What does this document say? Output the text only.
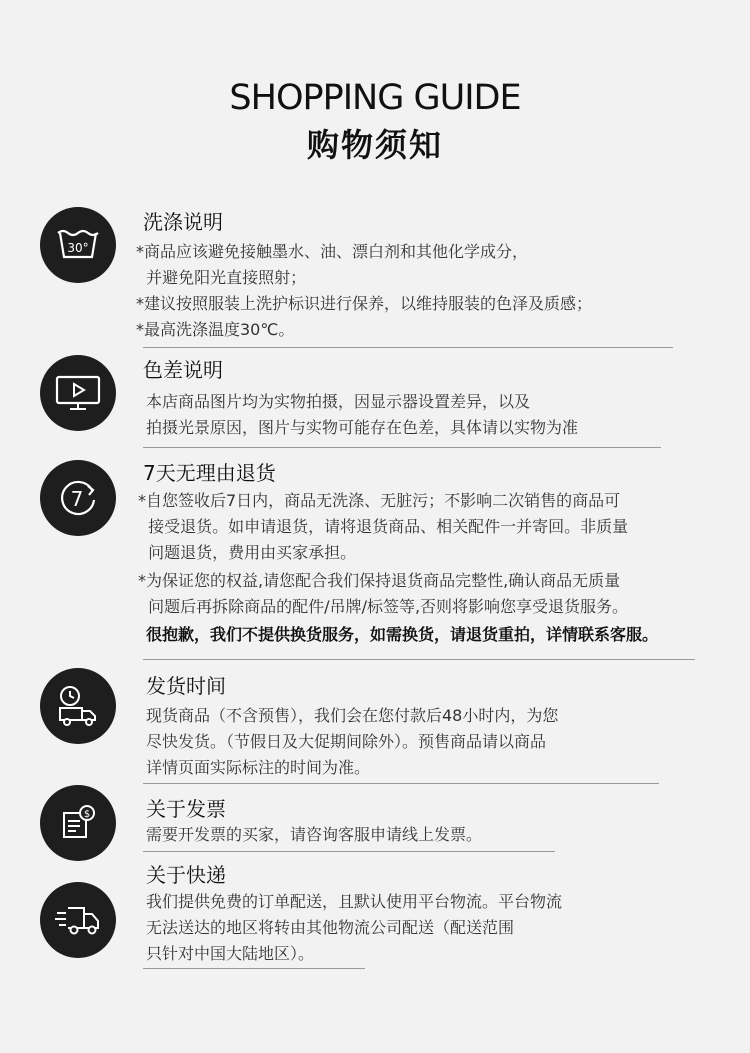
SHOPPING GUIDE
购物须知
30°
洗涤说明
*商品应该避免接触墨水、油、漂白剂和其他化学成分，
并避免阳光直接照射；
*建议按照服装上洗护标识进行保养，以维持服装的色泽及质感；
*最高洗涤温度30℃。
色差说明
本店商品图片均为实物拍摄，因显示器设置差异，以及
拍摄光景原因，图片与实物可能存在色差，具体请以实物为准
7
7天无理由退货
*自您签收后7日内，商品无洗涤、无脏污；不影响二次销售的商品可
接受退货。如申请退货，请将退货商品、相关配件一并寄回。非质量
问题退货，费用由买家承担。
*为保证您的权益,请您配合我们保持退货商品完整性,确认商品无质量
问题后再拆除商品的配件/吊牌/标签等,否则将影响您享受退货服务。
很抱歉，我们不提供换货服务，如需换货，请退货重拍，详情联系客服。
发货时间
现货商品（不含预售），我们会在您付款后48小时内，为您
尽快发货。（节假日及大促期间除外）。预售商品请以商品
详情页面实际标注的时间为准。
$	关于发票
需要开发票的买家，请咨询客服申请线上发票。
关于快递
我们提供免费的订单配送，且默认使用平台物流。平台物流
无法送达的地区将转由其他物流公司配送（配送范围
只针对中国大陆地区）。
